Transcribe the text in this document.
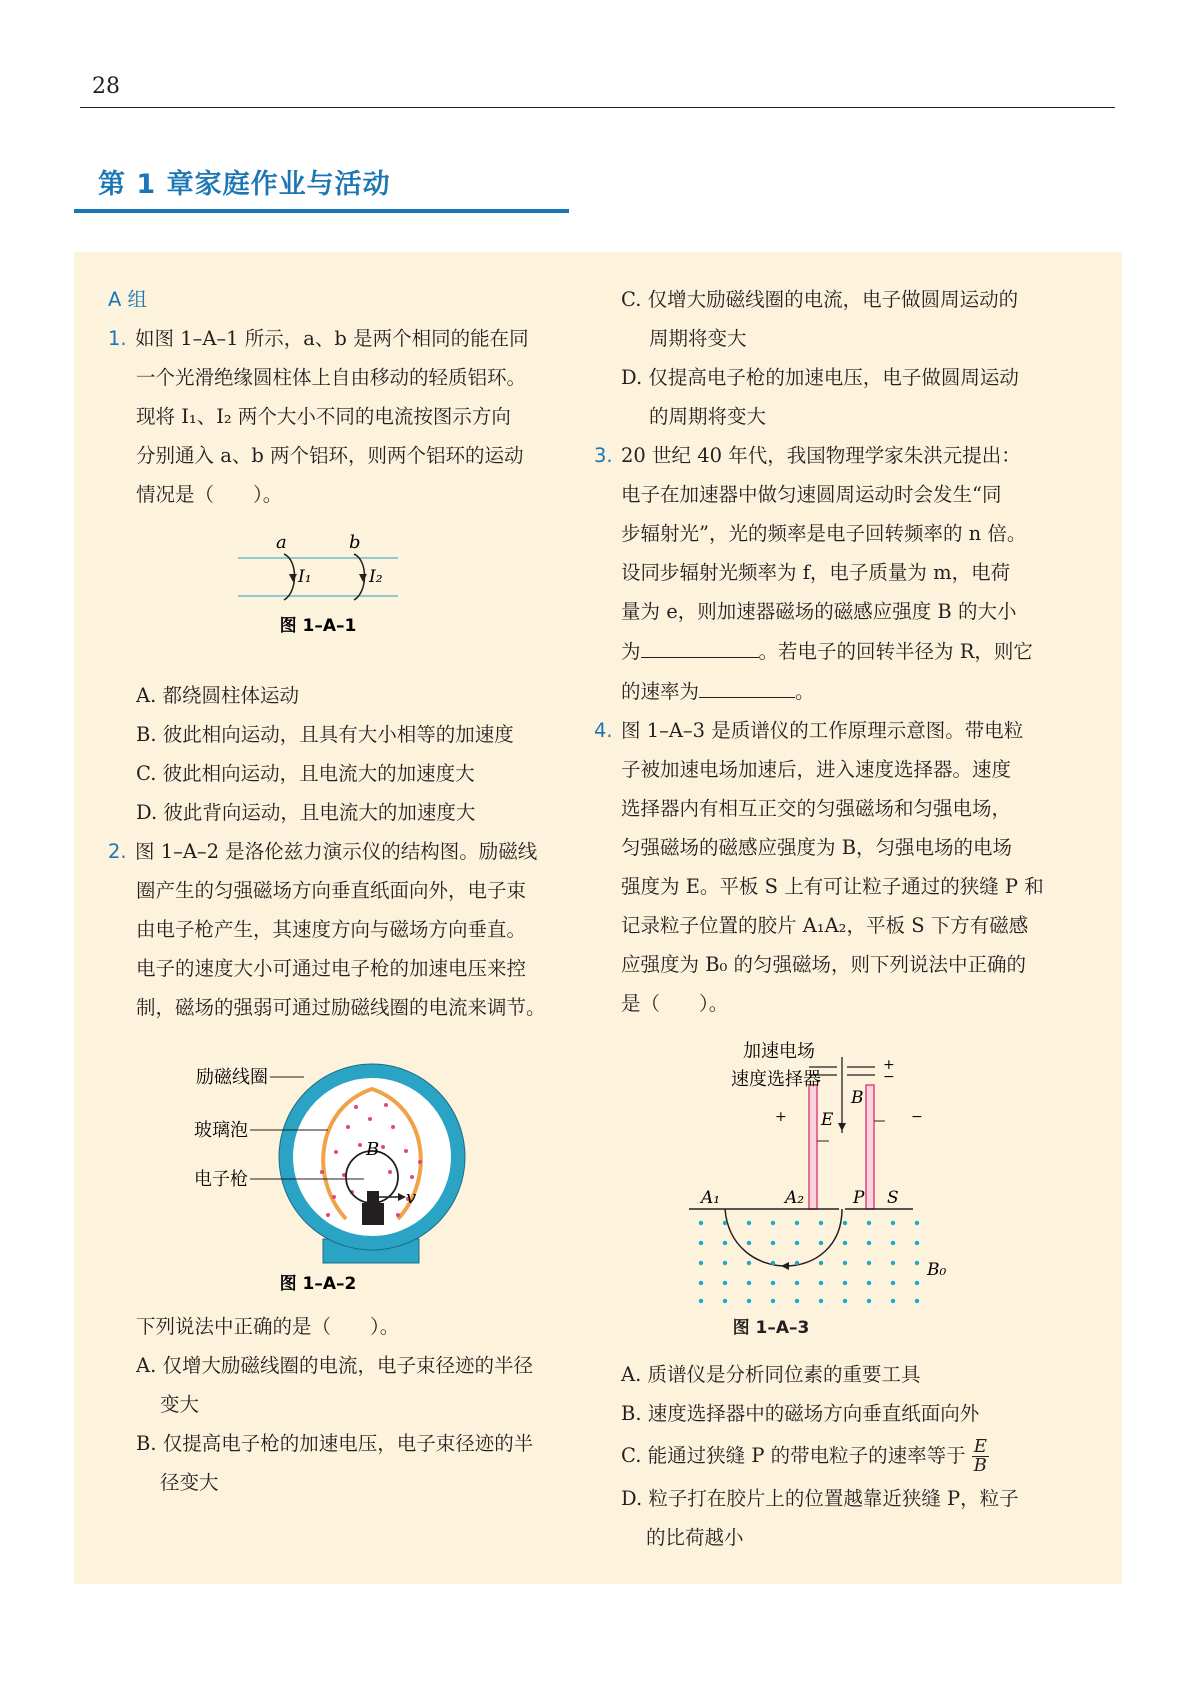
28
第 1 章家庭作业与活动
A 组
1. 如图 1–A–1 所示，a、b 是两个相同的能在同
一个光滑绝缘圆柱体上自由移动的轻质铝环。
现将 I₁、I₂ 两个大小不同的电流按图示方向
分别通入 a、b 两个铝环，则两个铝环的运动
情况是（　　）。
a	b
I₁	I₂
图 1–A–1
A. 都绕圆柱体运动
B. 彼此相向运动，且具有大小相等的加速度
C. 彼此相向运动，且电流大的加速度大
D. 彼此背向运动，且电流大的加速度大
2. 图 1–A–2 是洛伦兹力演示仪的结构图。励磁线
圈产生的匀强磁场方向垂直纸面向外，电子束
由电子枪产生，其速度方向与磁场方向垂直。
电子的速度大小可通过电子枪的加速电压来控
制，磁场的强弱可通过励磁线圈的电流来调节。
B
v
励磁线圈
玻璃泡
电子枪
图 1–A–2
下列说法中正确的是（　　）。
A. 仅增大励磁线圈的电流，电子束径迹的半径
变大
B. 仅提高电子枪的加速电压，电子束径迹的半
径变大
C. 仅增大励磁线圈的电流，电子做圆周运动的
周期将变大
D. 仅提高电子枪的加速电压，电子做圆周运动
的周期将变大
3. 20 世纪 40 年代，我国物理学家朱洪元提出：
电子在加速器中做匀速圆周运动时会发生“同
步辐射光”，光的频率是电子回转频率的 n 倍。
设同步辐射光频率为 f，电子质量为 m，电荷
量为 e，则加速器磁场的磁感应强度 B 的大小
为	。若电子的回转半径为 R，则它
的速率为	。
4. 图 1–A–3 是质谱仪的工作原理示意图。带电粒
子被加速电场加速后，进入速度选择器。速度
选择器内有相互正交的匀强磁场和匀强电场，
匀强磁场的磁感应强度为 B，匀强电场的电场
强度为 E。平板 S 上有可让粒子通过的狭缝 P 和
记录粒子位置的胶片 A₁A₂，平板 S 下方有磁感
应强度为 B₀ 的匀强磁场，则下列说法中正确的
是（　　）。
+
−
+	−
加速电场
速度选择器
B
E
A₁	A₂	P S
B₀
图 1–A–3
A. 质谱仪是分析同位素的重要工具
B. 速度选择器中的磁场方向垂直纸面向外
C. 能通过狭缝 P 的带电粒子的速率等于 $\frac{E}{B}$
D. 粒子打在胶片上的位置越靠近狭缝 P，粒子
的比荷越小
